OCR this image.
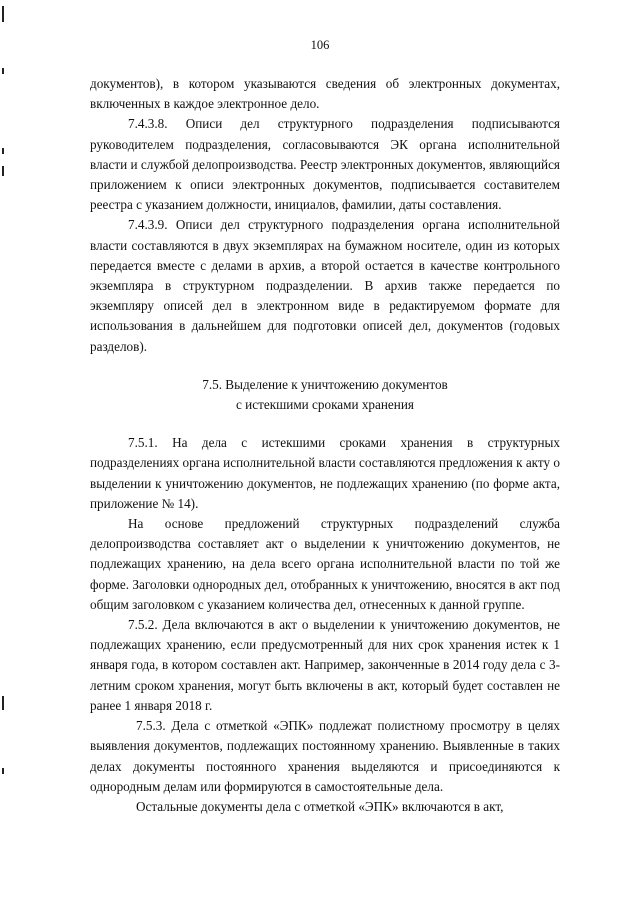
106

документов), в котором указываются сведения об электронных документах, включенных в каждое электронное дело.

7.4.3.8. Описи дел структурного подразделения подписываются руководителем подразделения, согласовываются ЭК органа исполнительной власти и службой делопроизводства. Реестр электронных документов, являющийся приложением к описи электронных документов, подписывается составителем реестра с указанием должности, инициалов, фамилии, даты составления.

7.4.3.9. Описи дел структурного подразделения органа исполнительной власти составляются в двух экземплярах на бумажном носителе, один из которых передается вместе с делами в архив, а второй остается в качестве контрольного экземпляра в структурном подразделении. В архив также передается по экземпляру описей дел в электронном виде в редактируемом формате для использования в дальнейшем для подготовки описей дел, документов (годовых разделов).

7.5. Выделение к уничтожению документов
с истекшими сроками хранения

7.5.1. На дела с истекшими сроками хранения в структурных подразделениях органа исполнительной власти составляются предложения к акту о выделении к уничтожению документов, не подлежащих хранению (по форме акта, приложение № 14).

На основе предложений структурных подразделений служба делопроизводства составляет акт о выделении к уничтожению документов, не подлежащих хранению, на дела всего органа исполнительной власти по той же форме. Заголовки однородных дел, отобранных к уничтожению, вносятся в акт под общим заголовком с указанием количества дел, отнесенных к данной группе.

7.5.2. Дела включаются в акт о выделении к уничтожению документов, не подлежащих хранению, если предусмотренный для них срок хранения истек к 1 января года, в котором составлен акт. Например, законченные в 2014 году дела с 3-летним сроком хранения, могут быть включены в акт, который будет составлен не ранее 1 января 2018 г.

7.5.3. Дела с отметкой «ЭПК» подлежат полистному просмотру в целях выявления документов, подлежащих постоянному хранению. Выявленные в таких делах документы постоянного хранения выделяются и присоединяются к однородным делам или формируются в самостоятельные дела.

Остальные документы дела с отметкой «ЭПК» включаются в акт,
